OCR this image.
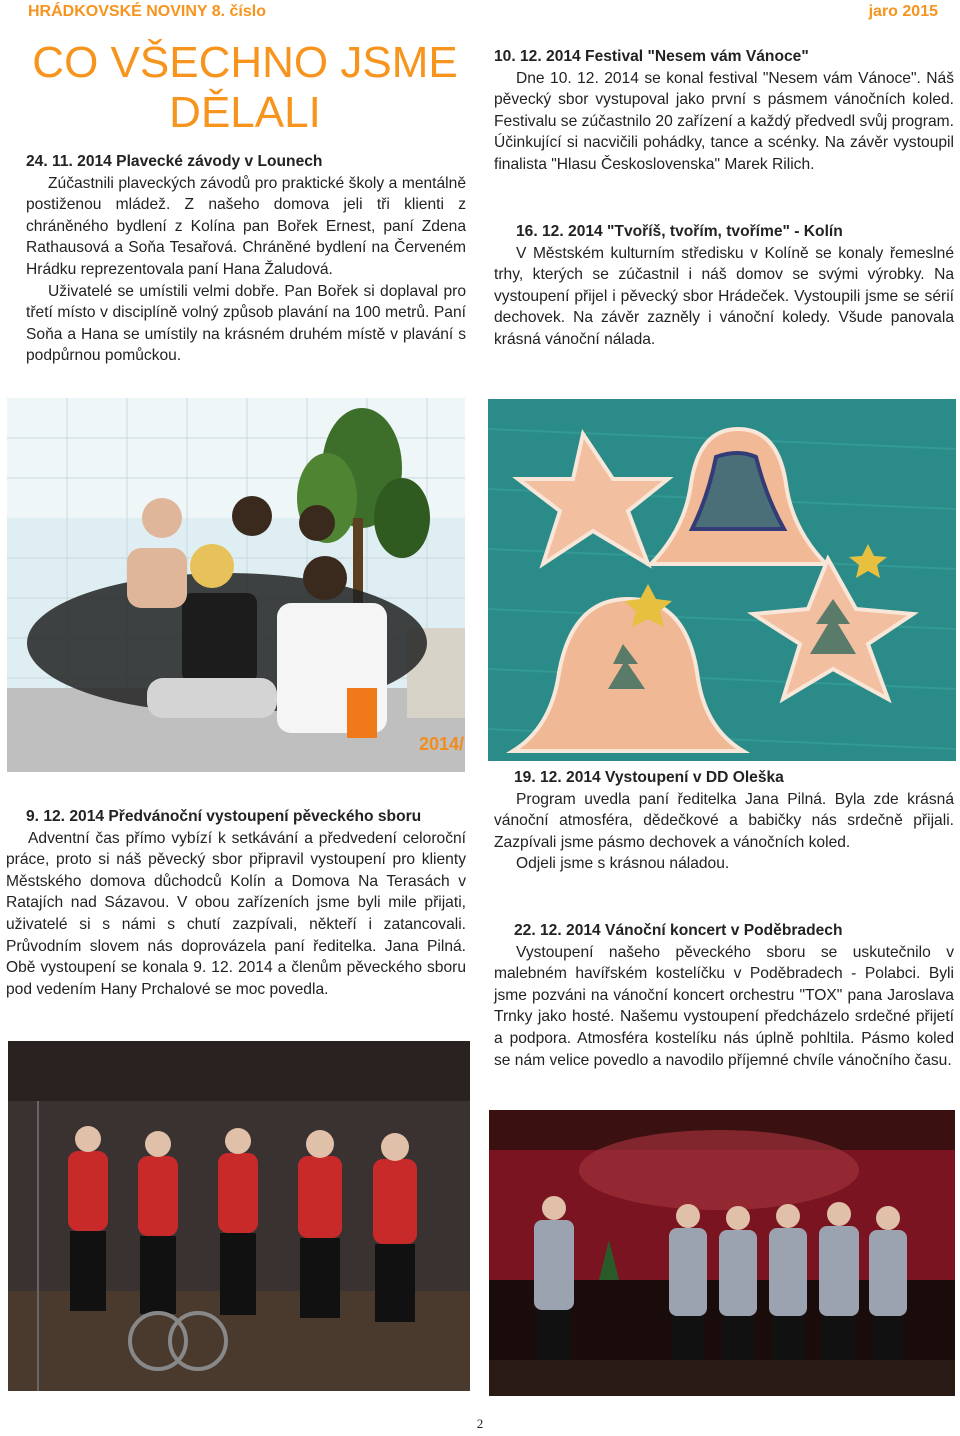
HRÁDKOVSKÉ NOVINY 8. číslo	jaro 2015
CO VŠECHNO JSME
DĚLALI

24. 11. 2014 Plavecké závody v Lounech

Zúčastnili plaveckých závodů pro praktické školy a mentálně postiženou mládež. Z našeho domova jeli tři klienti z chráněného bydlení z Kolína pan Bořek Ernest, paní Zdena Rathausová a Soňa Tesařová. Chráněné bydlení na Červeném Hrádku reprezentovala paní Hana Žaludová.

Uživatelé se umístili velmi dobře. Pan Bořek si doplaval pro třetí místo v disciplíně volný způsob plavání na 100 metrů. Paní Soňa a Hana se umístily na krásném druhém místě v plavání s podpůrnou pomůckou.

10. 12. 2014 Festival "Nesem vám Vánoce"

Dne 10. 12. 2014 se konal festival "Nesem vám Vánoce". Náš pěvecký sbor vystupoval jako první s pásmem vánočních koled. Festivalu se zúčastnilo 20 zařízení a každý předvedl svůj program. Účinkující si nacvičili pohádky, tance a scénky. Na závěr vystoupil finalista "Hlasu Československa" Marek Rilich.

16. 12. 2014 "Tvoříš, tvořím, tvoříme" - Kolín

V Městském kulturním středisku v Kolíně se konaly řemeslné trhy, kterých se zúčastnil i náš domov se svými výrobky. Na vystoupení přijel i pěvecký sbor Hrádeček. Vystoupili jsme se sérií dechovek. Na závěr zazněly i vánoční koledy. Všude panovala krásná vánoční nálada.

2014/

9. 12. 2014 Předvánoční vystoupení pěveckého sboru

Adventní čas přímo vybízí k setkávání a předvedení celoroční práce, proto si náš pěvecký sbor připravil vystoupení pro klienty Městského domova důchodců Kolín a Domova Na Terasách v Ratajích nad Sázavou. V obou zařízeních jsme byli mile přijati, uživatelé si s námi s chutí zazpívali, někteří i zatancovali. Průvodním slovem nás doprovázela paní ředitelka. Jana Pilná. Obě vystoupení se konala 9. 12. 2014 a členům pěveckého sboru pod vedením Hany Prchalové se moc povedla.

19. 12. 2014 Vystoupení v DD Oleška

Program uvedla paní ředitelka Jana Pilná. Byla zde krásná vánoční atmosféra, dědečkové a babičky nás srdečně přijali. Zazpívali jsme pásmo dechovek a vánočních koled.

Odjeli jsme s krásnou náladou.

22. 12. 2014 Vánoční koncert v Poděbradech

Vystoupení našeho pěveckého sboru se uskutečnilo v malebném havířském kostelíčku v Poděbradech - Polabci. Byli jsme pozváni na vánoční koncert orchestru "TOX" pana Jaroslava Trnky jako hosté. Našemu vystoupení předcházelo srdečné přijetí a podpora. Atmosféra kostelíku nás úplně pohltila. Pásmo koled se nám velice povedlo a navodilo příjemné chvíle vánočního času.

2
